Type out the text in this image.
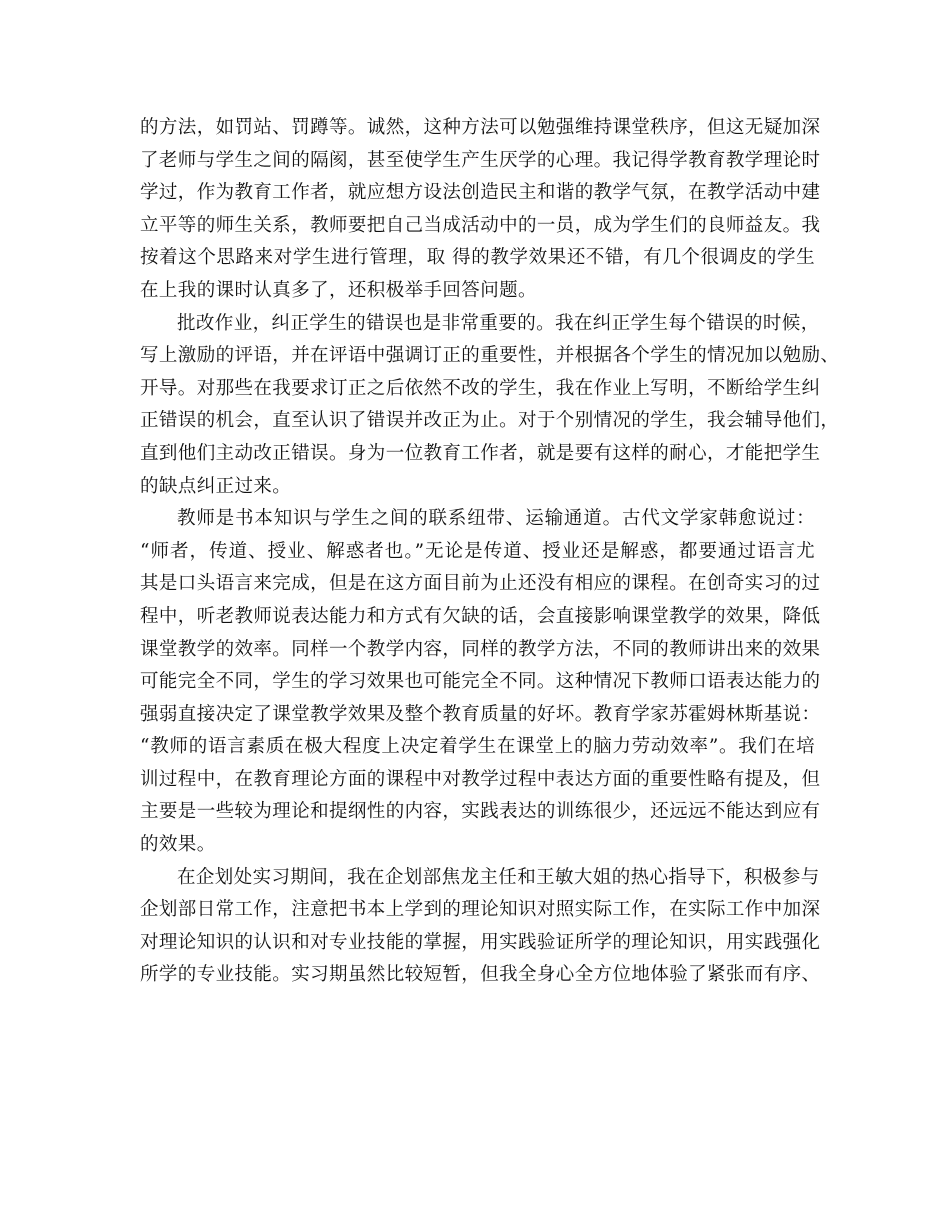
的方法，如罚站、罚蹲等。诚然，这种方法可以勉强维持课堂秩序，但这无疑加深
了老师与学生之间的隔阂，甚至使学生产生厌学的心理。我记得学教育教学理论时
学过，作为教育工作者，就应想方设法创造民主和谐的教学气氛，在教学活动中建
立平等的师生关系，教师要把自己当成活动中的一员，成为学生们的良师益友。我
按着这个思路来对学生进行管理，取 得的教学效果还不错，有几个很调皮的学生
在上我的课时认真多了，还积极举手回答问题。
批改作业，纠正学生的错误也是非常重要的。我在纠正学生每个错误的时候，
写上激励的评语，并在评语中强调订正的重要性，并根据各个学生的情况加以勉励、
开导。对那些在我要求订正之后依然不改的学生，我在作业上写明，不断给学生纠
正错误的机会，直至认识了错误并改正为止。对于个别情况的学生，我会辅导他们，
直到他们主动改正错误。身为一位教育工作者，就是要有这样的耐心，才能把学生
的缺点纠正过来。
教师是书本知识与学生之间的联系纽带、运输通道。古代文学家韩愈说过：
“师者，传道、授业、解惑者也。”无论是传道、授业还是解惑，都要通过语言尤
其是口头语言来完成，但是在这方面目前为止还没有相应的课程。在创奇实习的过
程中，听老教师说表达能力和方式有欠缺的话，会直接影响课堂教学的效果，降低
课堂教学的效率。同样一个教学内容，同样的教学方法，不同的教师讲出来的效果
可能完全不同，学生的学习效果也可能完全不同。这种情况下教师口语表达能力的
强弱直接决定了课堂教学效果及整个教育质量的好坏。教育学家苏霍姆林斯基说：
“教师的语言素质在极大程度上决定着学生在课堂上的脑力劳动效率”。我们在培
训过程中，在教育理论方面的课程中对教学过程中表达方面的重要性略有提及，但
主要是一些较为理论和提纲性的内容，实践表达的训练很少，还远远不能达到应有
的效果。
在企划处实习期间，我在企划部焦龙主任和王敏大姐的热心指导下，积极参与
企划部日常工作，注意把书本上学到的理论知识对照实际工作，在实际工作中加深
对理论知识的认识和对专业技能的掌握，用实践验证所学的理论知识，用实践强化
所学的专业技能。实习期虽然比较短暂，但我全身心全方位地体验了紧张而有序、
